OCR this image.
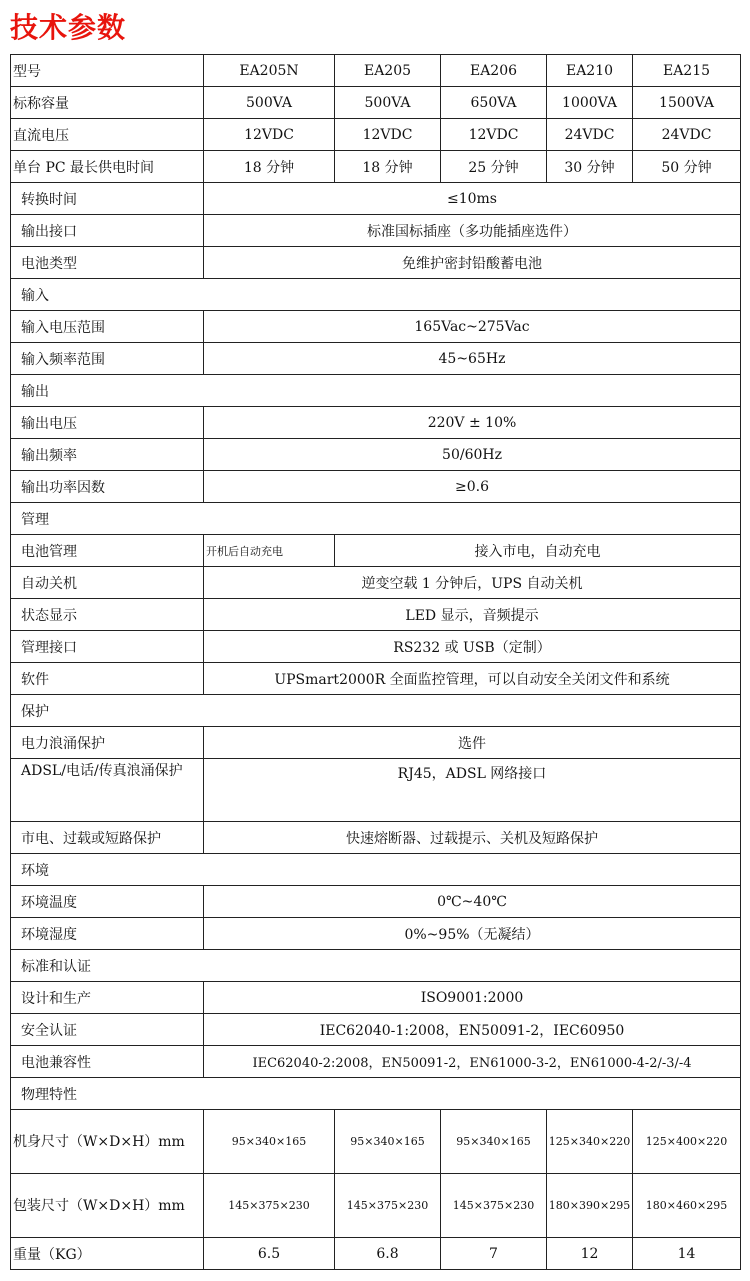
技术参数
型号	EA205N	EA205	EA206	EA210	EA215
标称容量	500VA	500VA	650VA	1000VA	1500VA
直流电压	12VDC	12VDC	12VDC	24VDC	24VDC
单台 PC 最长供电时间	18 分钟	18 分钟	25 分钟	30 分钟	50 分钟
转换时间	≤10ms				
输出接口	标准国标插座（多功能插座选件）				
电池类型	免维护密封铅酸蓄电池				
输入					
输入电压范围	165Vac~275Vac				
输入频率范围	45~65Hz				
输出					
输出电压	220V ± 10%				
输出频率	50/60Hz				
输出功率因数	≥0.6				
管理					
电池管理	开机后自动充电	接入市电，自动充电			
自动关机	逆变空载 1 分钟后，UPS 自动关机				
状态显示	LED 显示，音频提示				
管理接口	RS232 或 USB（定制）				
软件	UPSmart2000R 全面监控管理，可以自动安全关闭文件和系统				
保护					
电力浪涌保护	选件				
ADSL/电话/传真浪涌保护	RJ45，ADSL 网络接口				
市电、过载或短路保护	快速熔断器、过载提示、关机及短路保护				
环境					
环境温度	0℃~40℃				
环境湿度	0%~95%（无凝结）				
标准和认证					
设计和生产	ISO9001:2000				
安全认证	IEC62040-1:2008，EN50091-2，IEC60950				
电池兼容性	IEC62040-2:2008，EN50091-2，EN61000-3-2，EN61000-4-2/-3/-4				
物理特性					
机身尺寸（W×D×H）mm	95×340×165	95×340×165	95×340×165	125×340×220	125×400×220
包装尺寸（W×D×H）mm	145×375×230	145×375×230	145×375×230	180×390×295	180×460×295
重量（KG）	6.5	6.8	7	12	14
